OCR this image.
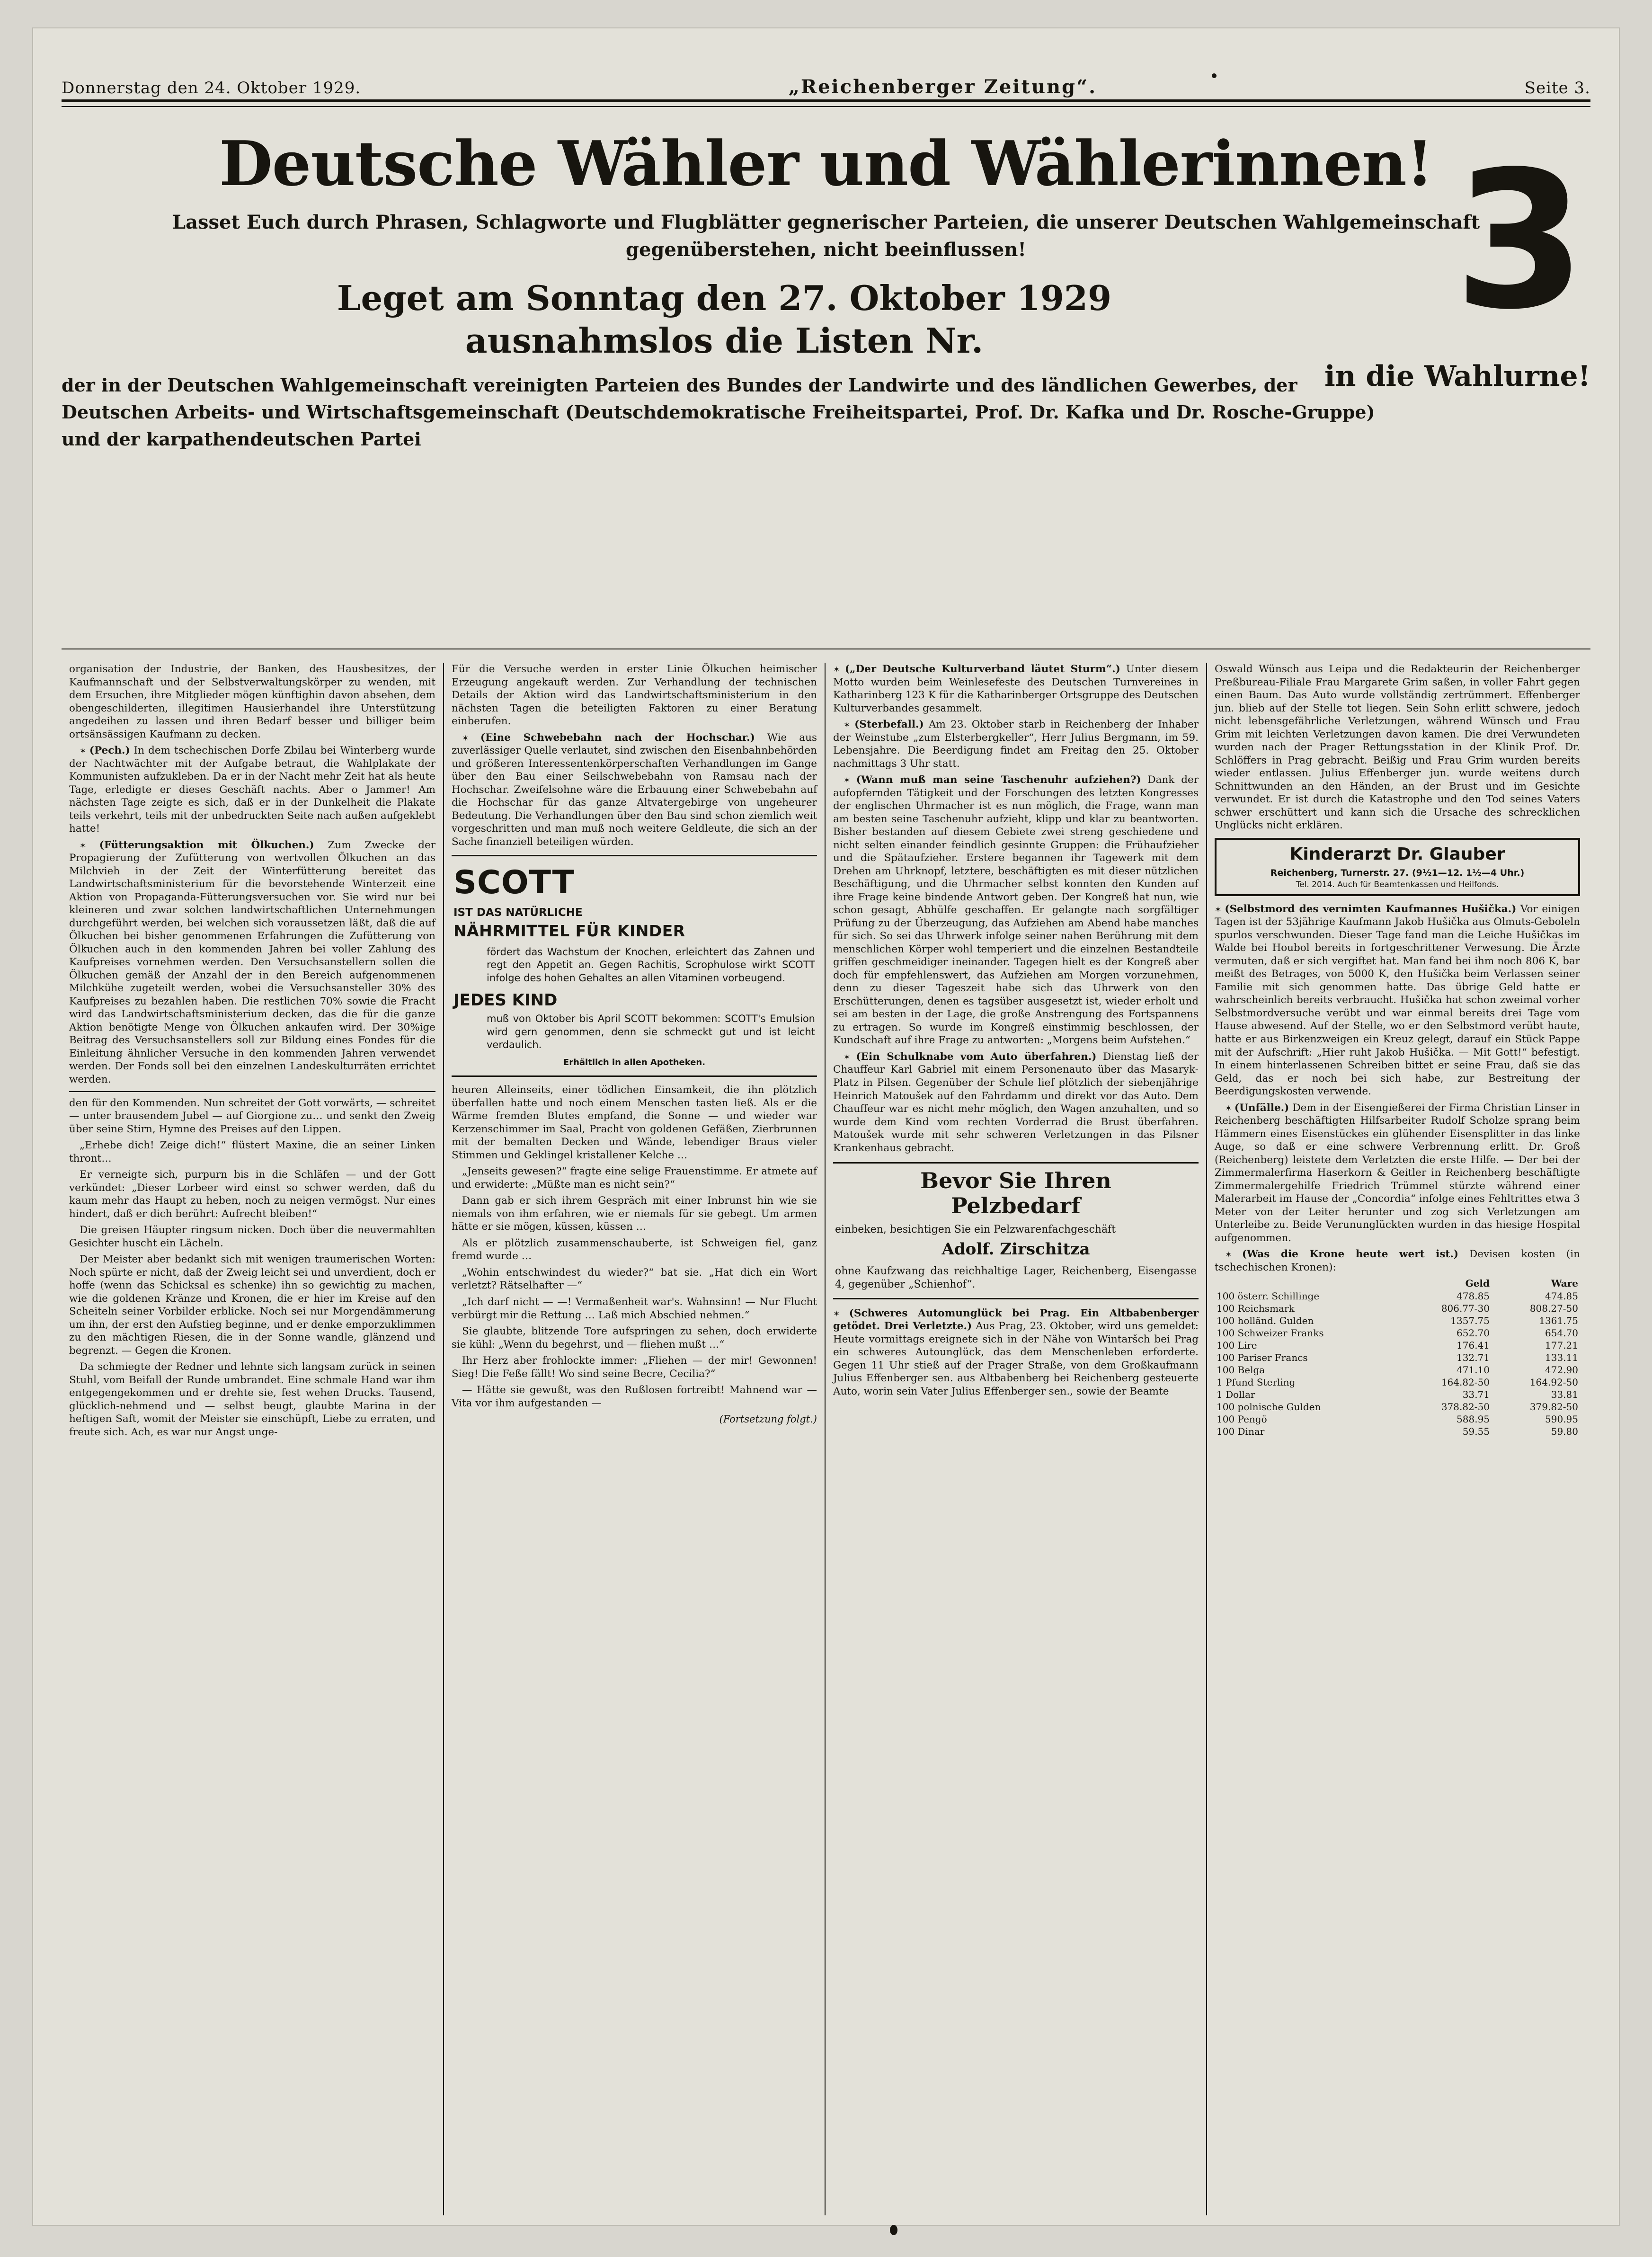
Donnerstag den 24. Oktober 1929.	„Reichenberger Zeitung“.	Seite 3.
Deutsche Wähler und Wählerinnen!
Lasset Euch durch Phrasen, Schlagworte und Flugblätter gegnerischer Parteien, die unserer Deutschen Wahlgemeinschaft gegenüberstehen, nicht beeinflussen!
Leget am Sonntag den 27. Oktober 1929
ausnahmslos die Listen Nr.
der in der Deutschen Wahlgemeinschaft vereinigten Parteien des Bundes der Landwirte und des ländlichen Gewerbes, der Deutschen Arbeits- und Wirtschaftsgemeinschaft (Deutschdemokratische Freiheitspartei, Prof. Dr. Kafka und Dr. Rosche-Gruppe) und der karpathendeutschen Partei
3
in die Wahlurne!

organisation der Industrie, der Banken, des Hausbesitzes, der Kaufmannschaft und der Selbstverwaltungskörper zu wenden, mit dem Ersuchen, ihre Mitglieder mögen künftighin davon absehen, dem obengeschilderten, illegitimen Hausierhandel ihre Unterstützung angedeihen zu lassen und ihren Bedarf besser und billiger beim ortsänsässigen Kaufmann zu decken.

✶ (Pech.) In dem tschechischen Dorfe Zbilau bei Winterberg wurde der Nachtwächter mit der Aufgabe betraut, die Wahlplakate der Kommunisten aufzukleben. Da er in der Nacht mehr Zeit hat als heute Tage, erledigte er dieses Geschäft nachts. Aber o Jammer! Am nächsten Tage zeigte es sich, daß er in der Dunkelheit die Plakate teils verkehrt, teils mit der unbedruckten Seite nach außen aufgeklebt hatte!

✶ (Fütterungsaktion mit Ölkuchen.) Zum Zwecke der Propagierung der Zufütterung von wertvollen Ölkuchen an das Milchvieh in der Zeit der Winterfütterung bereitet das Landwirtschaftsministerium für die bevorstehende Winterzeit eine Aktion von Propaganda-Fütterungsversuchen vor. Sie wird nur bei kleineren und zwar solchen landwirtschaftlichen Unternehmungen durchgeführt werden, bei welchen sich voraussetzen läßt, daß die auf Ölkuchen bei bisher genommenen Erfahrungen die Zufütterung von Ölkuchen auch in den kommenden Jahren bei voller Zahlung des Kaufpreises vornehmen werden. Den Versuchsanstellern sollen die Ölkuchen gemäß der Anzahl der in den Bereich aufgenommenen Milchkühe zugeteilt werden, wobei die Versuchsansteller 30% des Kaufpreises zu bezahlen haben. Die restlichen 70% sowie die Fracht wird das Landwirtschaftsministerium decken, das die für die ganze Aktion benötigte Menge von Ölkuchen ankaufen wird. Der 30%ige Beitrag des Versuchsanstellers soll zur Bildung eines Fondes für die Einleitung ähnlicher Versuche in den kommenden Jahren verwendet werden. Der Fonds soll bei den einzelnen Landeskulturräten errichtet werden.

den für den Kommenden. Nun schreitet der Gott vorwärts, — schreitet — unter brausendem Jubel — auf Giorgione zu… und senkt den Zweig über seine Stirn, Hymne des Preises auf den Lippen.

„Erhebe dich! Zeige dich!“ flüstert Maxine, die an seiner Linken thront…

Er verneigte sich, purpurn bis in die Schläfen — und der Gott verkündet: „Dieser Lorbeer wird einst so schwer werden, daß du kaum mehr das Haupt zu heben, noch zu neigen vermögst. Nur eines hindert, daß er dich berührt: Aufrecht bleiben!“

Die greisen Häupter ringsum nicken. Doch über die neuvermahlten Gesichter huscht ein Lächeln.

Der Meister aber bedankt sich mit wenigen traumerischen Worten: Noch spürte er nicht, daß der Zweig leicht sei und unverdient, doch er hoffe (wenn das Schicksal es schenke) ihn so gewichtig zu machen, wie die goldenen Kränze und Kronen, die er hier im Kreise auf den Scheiteln seiner Vorbilder erblicke. Noch sei nur Morgendämmerung um ihn, der erst den Aufstieg beginne, und er denke emporzuklimmen zu den mächtigen Riesen, die in der Sonne wandle, glänzend und begrenzt. — Gegen die Kronen.

Da schmiegte der Redner und lehnte sich langsam zurück in seinen Stuhl, vom Beifall der Runde umbrandet. Eine schmale Hand war ihm entgegengekommen und er drehte sie, fest wehen Drucks. Tausend, glücklich-nehmend und — selbst beugt, glaubte Marina in der heftigen Saft, womit der Meister sie einschüpft, Liebe zu erraten, und freute sich. Ach, es war nur Angst unge-

Für die Versuche werden in erster Linie Ölkuchen heimischer Erzeugung angekauft werden. Zur Verhandlung der technischen Details der Aktion wird das Landwirtschaftsministerium in den nächsten Tagen die beteiligten Faktoren zu einer Beratung einberufen.

✶ (Eine Schwebebahn nach der Hochschar.) Wie aus zuverlässiger Quelle verlautet, sind zwischen den Eisenbahnbehörden und größeren Interessentenkörperschaften Verhandlungen im Gange über den Bau einer Seilschwebebahn von Ramsau nach der Hochschar. Zweifelsohne wäre die Erbauung einer Schwebebahn auf die Hochschar für das ganze Altvatergebirge von ungeheurer Bedeutung. Die Verhandlungen über den Bau sind schon ziemlich weit vorgeschritten und man muß noch weitere Geldleute, die sich an der Sache finanziell beteiligen würden.

SCOTT
IST DAS NATÜRLICHE
NÄHRMITTEL FÜR KINDER
fördert das Wachstum der Knochen, erleichtert das Zahnen und regt den Appetit an. Gegen Rachitis, Scrophulose wirkt SCOTT infolge des hohen Gehaltes an allen Vitaminen vorbeugend.
JEDES KIND
muß von Oktober bis April SCOTT bekommen: SCOTT's Emulsion wird gern genommen, denn sie schmeckt gut und ist leicht verdaulich.
Erhältlich in allen Apotheken.

heuren Alleinseits, einer tödlichen Einsamkeit, die ihn plötzlich überfallen hatte und noch einem Menschen tasten ließ. Als er die Wärme fremden Blutes empfand, die Sonne — und wieder war Kerzenschimmer im Saal, Pracht von goldenen Gefäßen, Zierbrunnen mit der bemalten Decken und Wände, lebendiger Braus vieler Stimmen und Geklingel kristallener Kelche …

„Jenseits gewesen?“ fragte eine selige Frauenstimme. Er atmete auf und erwiderte: „Müßte man es nicht sein?“

Dann gab er sich ihrem Gespräch mit einer Inbrunst hin wie sie niemals von ihm erfahren, wie er niemals für sie gebegt. Um armen hätte er sie mögen, küssen, küssen …

Als er plötzlich zusammenschauberte, ist Schweigen fiel, ganz fremd wurde …

„Wohin entschwindest du wieder?“ bat sie. „Hat dich ein Wort verletzt? Rätselhafter —“

„Ich darf nicht — —! Vermaßenheit war's. Wahnsinn! — Nur Flucht verbürgt mir die Rettung … Laß mich Abschied nehmen.“

Sie glaubte, blitzende Tore aufspringen zu sehen, doch erwiderte sie kühl: „Wenn du begehrst, und — fliehen mußt …“

Ihr Herz aber frohlockte immer: „Fliehen — der mir! Gewonnen! Sieg! Die Feße fällt! Wo sind seine Becre, Cecilia?“

— Hätte sie gewußt, was den Rußlosen fortreibt! Mahnend war — Vita vor ihm aufgestanden —

(Fortsetzung folgt.)

✶ („Der Deutsche Kulturverband läutet Sturm“.) Unter diesem Motto wurden beim Weinlesefeste des Deutschen Turnvereines in Katharinberg 123 K für die Katharinberger Ortsgruppe des Deutschen Kulturverbandes gesammelt.

✶ (Sterbefall.) Am 23. Oktober starb in Reichenberg der Inhaber der Weinstube „zum Elsterbergkeller“, Herr Julius Bergmann, im 59. Lebensjahre. Die Beerdigung findet am Freitag den 25. Oktober nachmittags 3 Uhr statt.

✶ (Wann muß man seine Taschenuhr aufziehen?) Dank der aufopfernden Tätigkeit und der Forschungen des letzten Kongresses der englischen Uhrmacher ist es nun möglich, die Frage, wann man am besten seine Taschenuhr aufzieht, klipp und klar zu beantworten. Bisher bestanden auf diesem Gebiete zwei streng geschiedene und nicht selten einander feindlich gesinnte Gruppen: die Frühaufzieher und die Spätaufzieher. Erstere begannen ihr Tagewerk mit dem Drehen am Uhrknopf, letztere, beschäftigten es mit dieser nützlichen Beschäftigung, und die Uhrmacher selbst konnten den Kunden auf ihre Frage keine bindende Antwort geben. Der Kongreß hat nun, wie schon gesagt, Abhülfe geschaffen. Er gelangte nach sorgfältiger Prüfung zu der Überzeugung, das Aufziehen am Abend habe manches für sich. So sei das Uhrwerk infolge seiner nahen Berührung mit dem menschlichen Körper wohl temperiert und die einzelnen Bestandteile griffen geschmeidiger ineinander. Tagegen hielt es der Kongreß aber doch für empfehlenswert, das Aufziehen am Morgen vorzunehmen, denn zu dieser Tageszeit habe sich das Uhrwerk von den Erschütterungen, denen es tagsüber ausgesetzt ist, wieder erholt und sei am besten in der Lage, die große Anstrengung des Fortspannens zu ertragen. So wurde im Kongreß einstimmig beschlossen, der Kundschaft auf ihre Frage zu antworten: „Morgens beim Aufstehen.“

✶ (Ein Schulknabe vom Auto überfahren.) Dienstag ließ der Chauffeur Karl Gabriel mit einem Personenauto über das Masaryk-Platz in Pilsen. Gegenüber der Schule lief plötzlich der siebenjährige Heinrich Matoušek auf den Fahrdamm und direkt vor das Auto. Dem Chauffeur war es nicht mehr möglich, den Wagen anzuhalten, und so wurde dem Kind vom rechten Vorderrad die Brust überfahren. Matoušek wurde mit sehr schweren Verletzungen in das Pilsner Krankenhaus gebracht.

Bevor Sie Ihren
Pelzbedarf
einbeken, besichtigen Sie ein Pelzwarenfachgeschäft
Adolf. Zirschitza
ohne Kaufzwang das reichhaltige Lager, Reichenberg, Eisengasse 4, gegenüber „Schienhof“.

✶ (Schweres Automunglück bei Prag. Ein Altbabenberger getödet. Drei Verletzte.) Aus Prag, 23. Oktober, wird uns gemeldet: Heute vormittags ereignete sich in der Nähe von Wintaršch bei Prag ein schweres Autounglück, das dem Menschenleben erforderte. Gegen 11 Uhr stieß auf der Prager Straße, von dem Großkaufmann Julius Effenberger sen. aus Altbabenberg bei Reichenberg gesteuerte Auto, worin sein Vater Julius Effenberger sen., sowie der Beamte

Oswald Wünsch aus Leipa und die Redakteurin der Reichenberger Preßbureau-Filiale Frau Margarete Grim saßen, in voller Fahrt gegen einen Baum. Das Auto wurde vollständig zertrümmert. Effenberger jun. blieb auf der Stelle tot liegen. Sein Sohn erlitt schwere, jedoch nicht lebensgefährliche Verletzungen, während Wünsch und Frau Grim mit leichten Verletzungen davon kamen. Die drei Verwundeten wurden nach der Prager Rettungsstation in der Klinik Prof. Dr. Schlöffers in Prag gebracht. Beißig und Frau Grim wurden bereits wieder entlassen. Julius Effenberger jun. wurde weitens durch Schnittwunden an den Händen, an der Brust und im Gesichte verwundet. Er ist durch die Katastrophe und den Tod seines Vaters schwer erschüttert und kann sich die Ursache des schrecklichen Unglücks nicht erklären.

Kinderarzt Dr. Glauber
Reichenberg, Turnerstr. 27. (9½1—12. 1½—4 Uhr.)
Tel. 2014. Auch für Beamtenkassen und Heilfonds.

✶ (Selbstmord des vernimten Kaufmannes Hušička.) Vor einigen Tagen ist der 53jährige Kaufmann Jakob Hušička aus Olmuts-Geboleln spurlos verschwunden. Dieser Tage fand man die Leiche Hušičkas im Walde bei Houbol bereits in fortgeschrittener Verwesung. Die Ärzte vermuten, daß er sich vergiftet hat. Man fand bei ihm noch 806 K, bar meißt des Betrages, von 5000 K, den Hušička beim Verlassen seiner Familie mit sich genommen hatte. Das übrige Geld hatte er wahrscheinlich bereits verbraucht. Hušička hat schon zweimal vorher Selbstmordversuche verübt und war einmal bereits drei Tage vom Hause abwesend. Auf der Stelle, wo er den Selbstmord verübt haute, hatte er aus Birkenzweigen ein Kreuz gelegt, darauf ein Stück Pappe mit der Aufschrift: „Hier ruht Jakob Hušička. — Mit Gott!“ befestigt. In einem hinterlassenen Schreiben bittet er seine Frau, daß sie das Geld, das er noch bei sich habe, zur Bestreitung der Beerdigungskosten verwende.

✶ (Unfälle.) Dem in der Eisengießerei der Firma Christian Linser in Reichenberg beschäftigten Hilfsarbeiter Rudolf Scholze sprang beim Hämmern eines Eisenstückes ein glühender Eisensplitter in das linke Auge, so daß er eine schwere Verbrennung erlitt. Dr. Groß (Reichenberg) leistete dem Verletzten die erste Hilfe. — Der bei der Zimmermalerfirma Haserkorn & Geitler in Reichenberg beschäftigte Zimmermalergehilfe Friedrich Trümmel stürzte während einer Malerarbeit im Hause der „Concordia“ infolge eines Fehltrittes etwa 3 Meter von der Leiter herunter und zog sich Verletzungen am Unterleibe zu. Beide Verununglückten wurden in das hiesige Hospital aufgenommen.

✶ (Was die Krone heute wert ist.) Devisen kosten (in tschechischen Kronen):

	Geld	Ware
100 österr. Schillinge	478.85	474.85
100 Reichsmark	806.77-30	808.27-50
100 holländ. Gulden	1357.75	1361.75
100 Schweizer Franks	652.70	654.70
100 Lire	176.41	177.21
100 Pariser Francs	132.71	133.11
100 Belga	471.10	472.90
1 Pfund Sterling	164.82-50	164.92-50
1 Dollar	33.71	33.81
100 polnische Gulden	378.82-50	379.82-50
100 Pengö	588.95	590.95
100 Dinar	59.55	59.80
